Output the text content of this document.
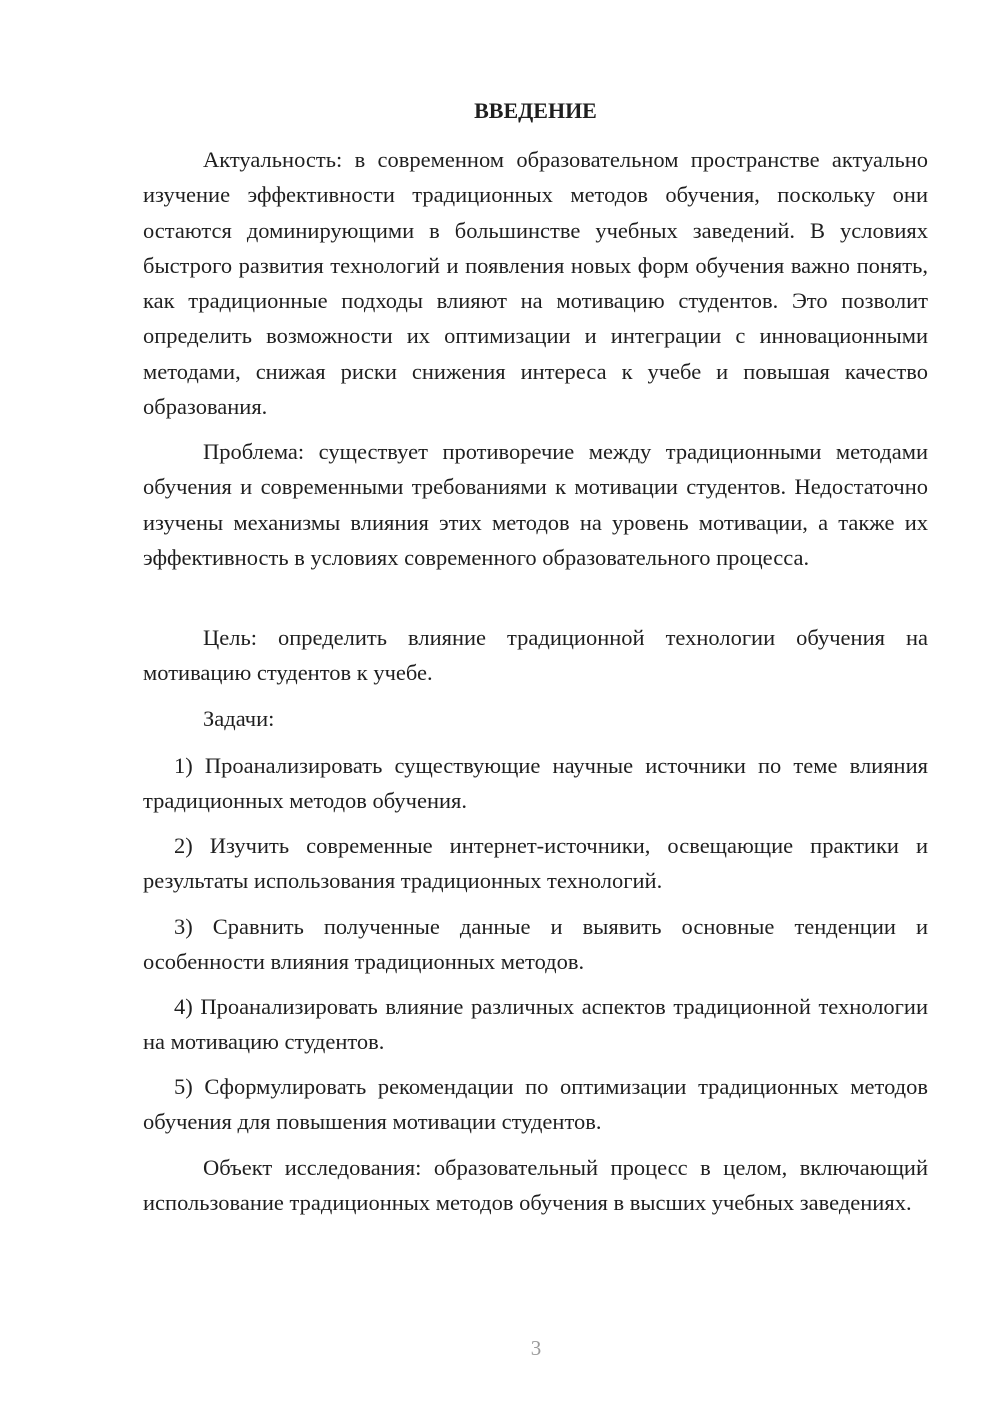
ВВЕДЕНИЕ
Актуальность: в современном образовательном пространстве актуально изучение эффективности традиционных методов обучения, поскольку они остаются доминирующими в большинстве учебных заведений. В условиях быстрого развития технологий и появления новых форм обучения важно понять, как традиционные подходы влияют на мотивацию студентов. Это позволит определить возможности их оптимизации и интеграции с инновационными методами, снижая риски снижения интереса к учебе и повышая качество образования.
Проблема: существует противоречие между традиционными методами обучения и современными требованиями к мотивации студентов. Недостаточно изучены механизмы влияния этих методов на уровень мотивации, а также их эффективность в условиях современного образовательного процесса.
Цель: определить влияние традиционной технологии обучения на мотивацию студентов к учебе.
Задачи:
1) Проанализировать существующие научные источники по теме влияния традиционных методов обучения.
2) Изучить современные интернет-источники, освещающие практики и результаты использования традиционных технологий.
3) Сравнить полученные данные и выявить основные тенденции и особенности влияния традиционных методов.
4) Проанализировать влияние различных аспектов традиционной технологии на мотивацию студентов.
5) Сформулировать рекомендации по оптимизации традиционных методов обучения для повышения мотивации студентов.
Объект исследования: образовательный процесс в целом, включающий использование традиционных методов обучения в высших учебных заведениях.
3
